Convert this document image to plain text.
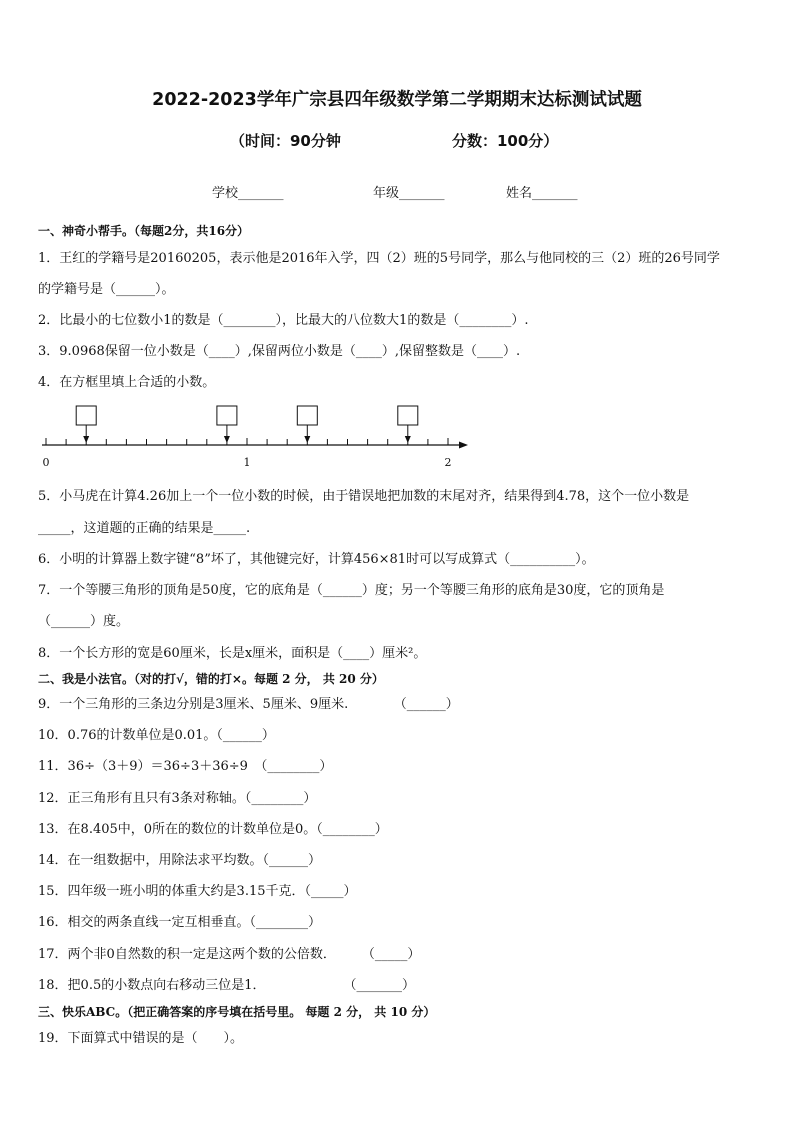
2022-2023学年广宗县四年级数学第二学期期末达标测试试题
（时间：90分钟	分数：100分）
学校_______	年级_______	姓名_______
一、神奇小帮手。（每题2分，共16分）
1．王红的学籍号是20160205，表示他是2016年入学，四（2）班的5号同学，那么与他同校的三（2）班的26号同学
的学籍号是（______）。
2．比最小的七位数小1的数是（________），比最大的八位数大1的数是（________）.
3．9.0968保留一位小数是（____）,保留两位小数是（____）,保留整数是（____）.
4．在方框里填上合适的小数。
0	1	2
5．小马虎在计算4.26加上一个一位小数的时候，由于错误地把加数的末尾对齐，结果得到4.78，这个一位小数是
_____，这道题的正确的结果是_____.
6．小明的计算器上数字键“8”坏了，其他键完好，计算456×81时可以写成算式（__________）。
7．一个等腰三角形的顶角是50度，它的底角是（______）度；另一个等腰三角形的底角是30度，它的顶角是
（______）度。
8．一个长方形的宽是60厘米，长是x厘米，面积是（____）厘米²。
二、我是小法官。（对的打√，错的打×。每题 2 分， 共 20 分）
9．一个三角形的三条边分别是3厘米、5厘米、9厘米.　　　　（______）
10．0.76的计数单位是0.01。（______）
11．36÷（3＋9）＝36÷3＋36÷9　（________）
12．正三角形有且只有3条对称轴。（________）
13．在8.405中，0所在的数位的计数单位是0。（________）
14．在一组数据中，用除法求平均数。（______）
15．四年级一班小明的体重大约是3.15千克．（_____）
16．相交的两条直线一定互相垂直。（________）
17．两个非0自然数的积一定是这两个数的公倍数．　　　（_____）
18．把0.5的小数点向右移动三位是1．　　　　　　　（_______）
三、快乐ABC。（把正确答案的序号填在括号里。 每题 2 分， 共 10 分）
19．下面算式中错误的是（　　）。
